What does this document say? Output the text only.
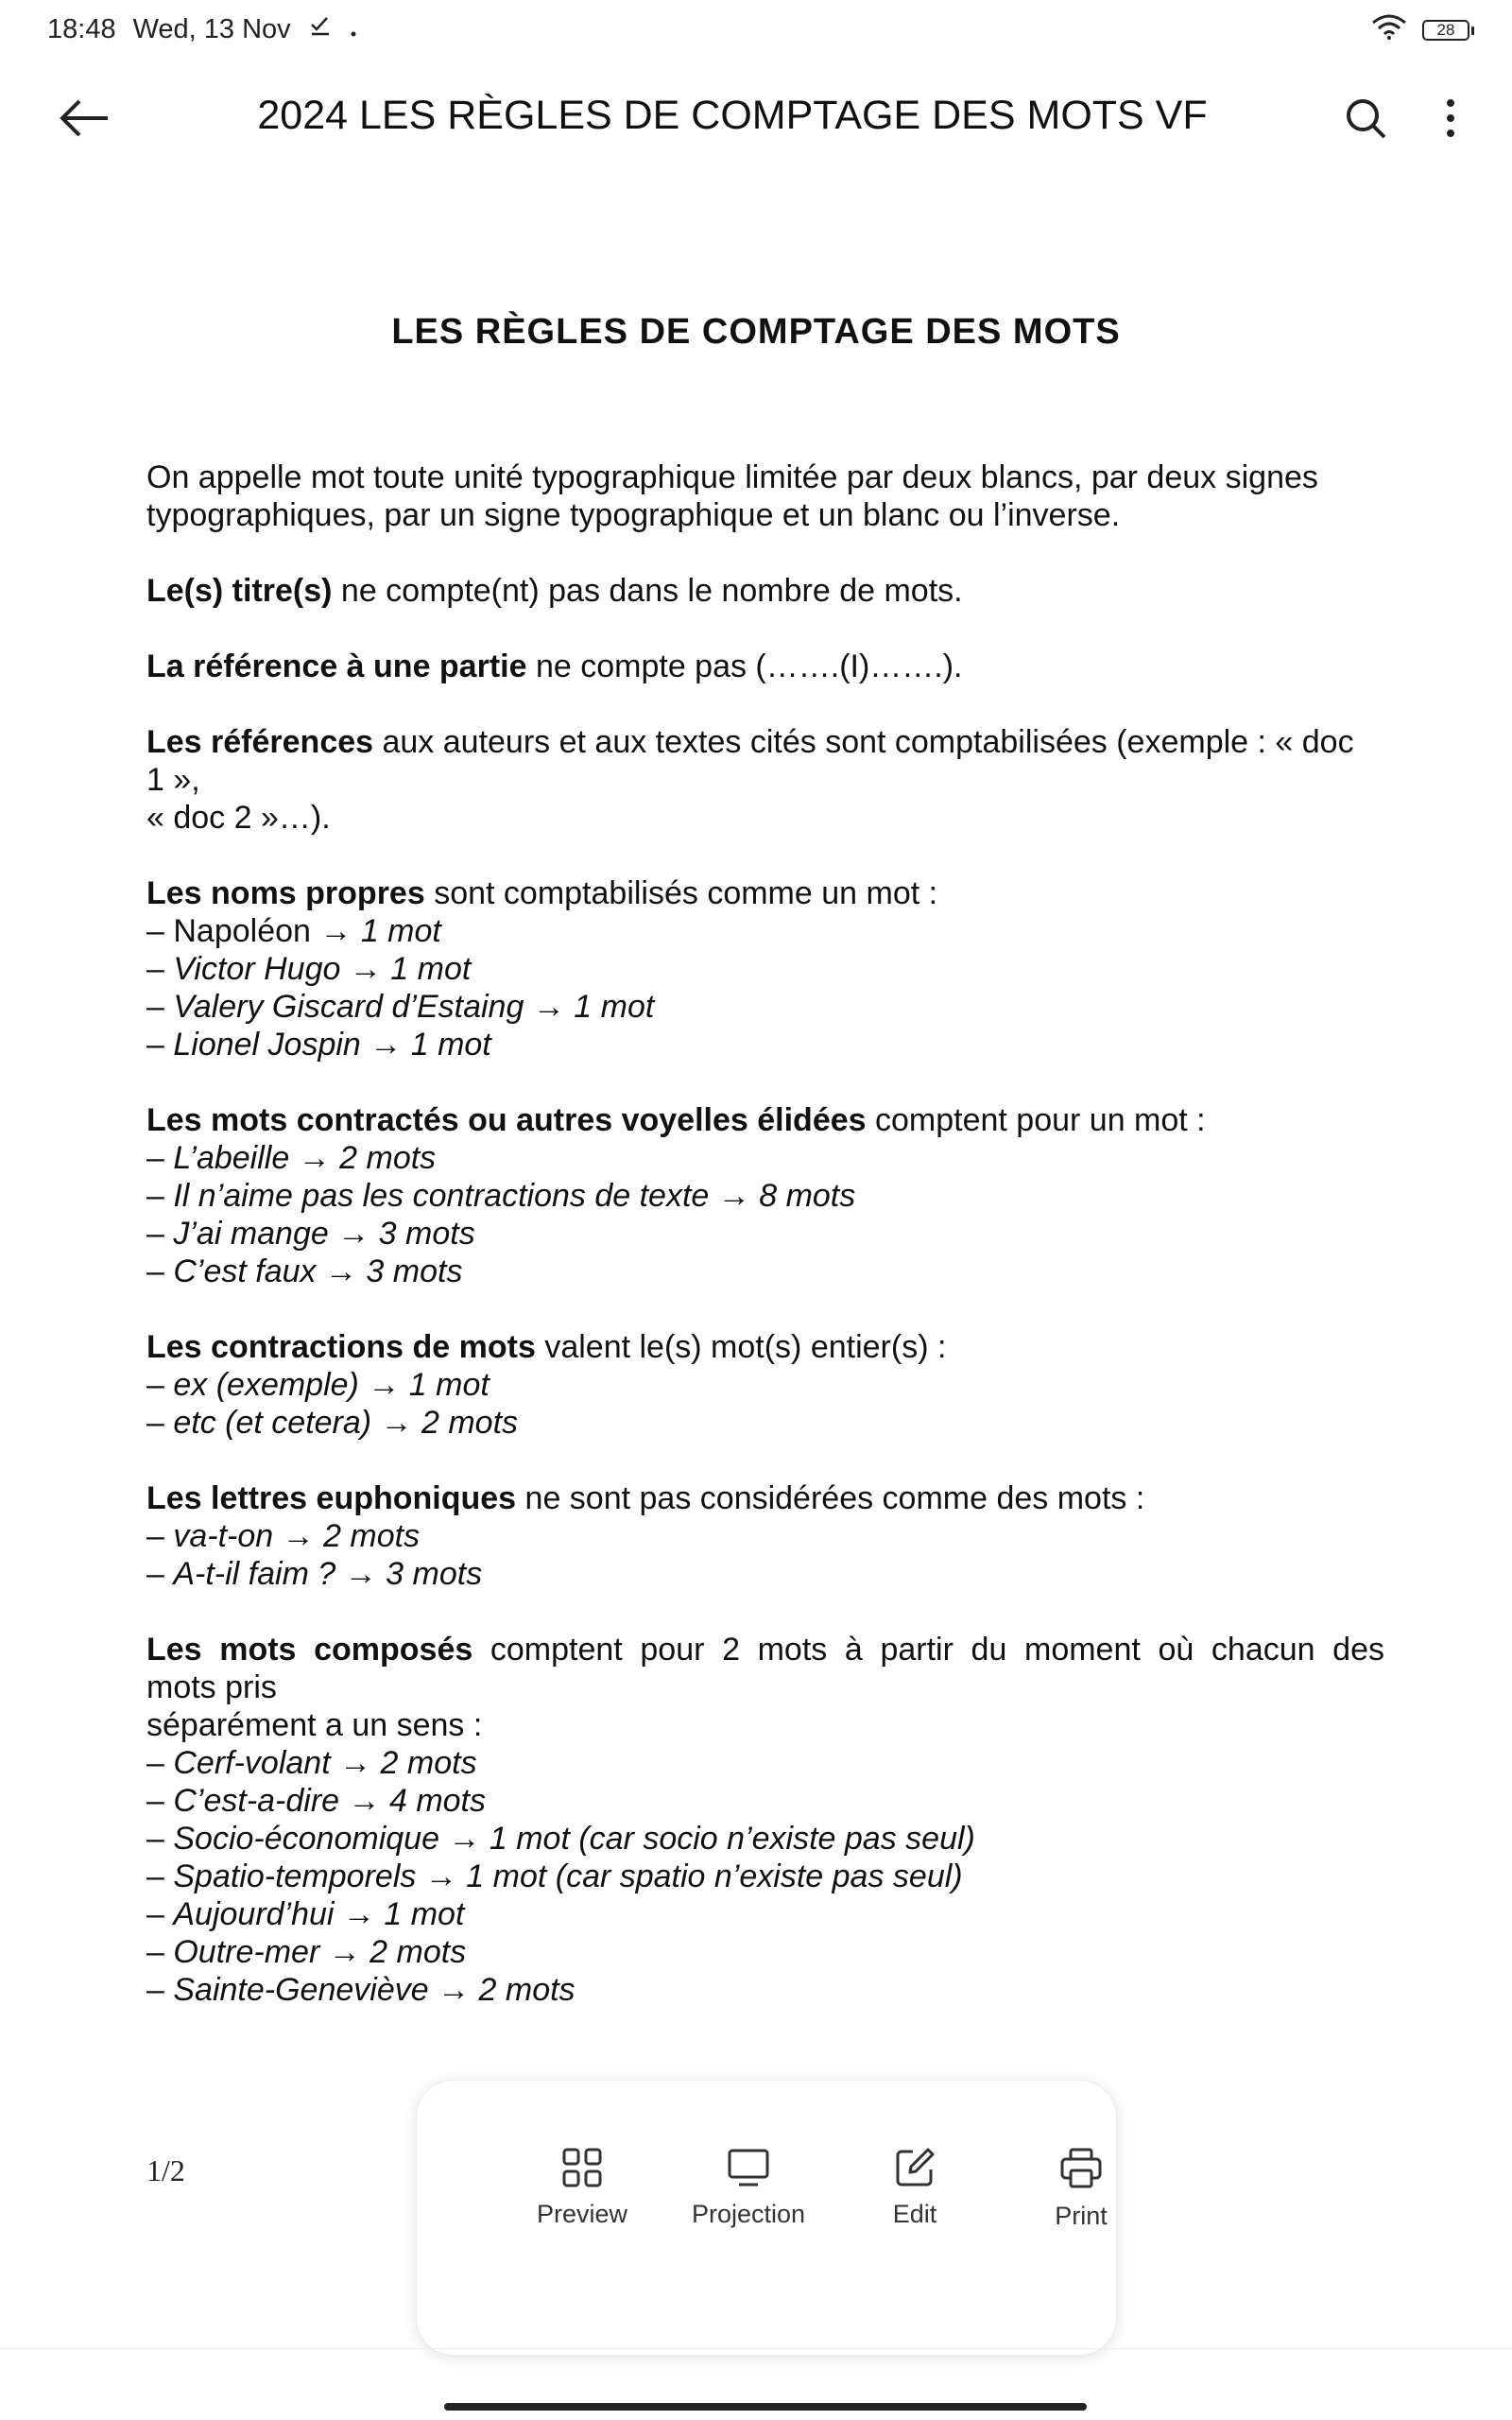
18:48 Wed, 13 Nov	28
2024 LES RÈGLES DE COMPTAGE DES MOTS VF
LES RÈGLES DE COMPTAGE DES MOTS
On appelle mot toute unité typographique limitée par deux blancs, par deux signes
typographiques, par un signe typographique et un blanc ou l’inverse.
Le(s) titre(s) ne compte(nt) pas dans le nombre de mots.
La référence à une partie ne compte pas (…….(I)…….).
Les références aux auteurs et aux textes cités sont comptabilisées (exemple : « doc
1 »,
« doc 2 »…).
Les noms propres sont comptabilisés comme un mot :
– Napoléon → 1 mot
– Victor Hugo → 1 mot
– Valery Giscard d’Estaing → 1 mot
– Lionel Jospin → 1 mot
Les mots contractés ou autres voyelles élidées comptent pour un mot :
– L’abeille → 2 mots
– Il n’aime pas les contractions de texte → 8 mots
– J’ai mange → 3 mots
– C’est faux → 3 mots
Les contractions de mots valent le(s) mot(s) entier(s) :
– ex (exemple) → 1 mot
– etc (et cetera) → 2 mots
Les lettres euphoniques ne sont pas considérées comme des mots :
– va-t-on → 2 mots
– A-t-il faim ? → 3 mots
Les mots composés comptent pour 2 mots à partir du moment où chacun des
mots pris
séparément a un sens :
– Cerf-volant → 2 mots
– C’est-a-dire → 4 mots
– Socio-économique → 1 mot (car socio n’existe pas seul)
– Spatio-temporels → 1 mot (car spatio n’existe pas seul)
– Aujourd’hui → 1 mot
– Outre-mer → 2 mots
– Sainte-Geneviève → 2 mots
1/2
Preview	Projection	Edit	Print
